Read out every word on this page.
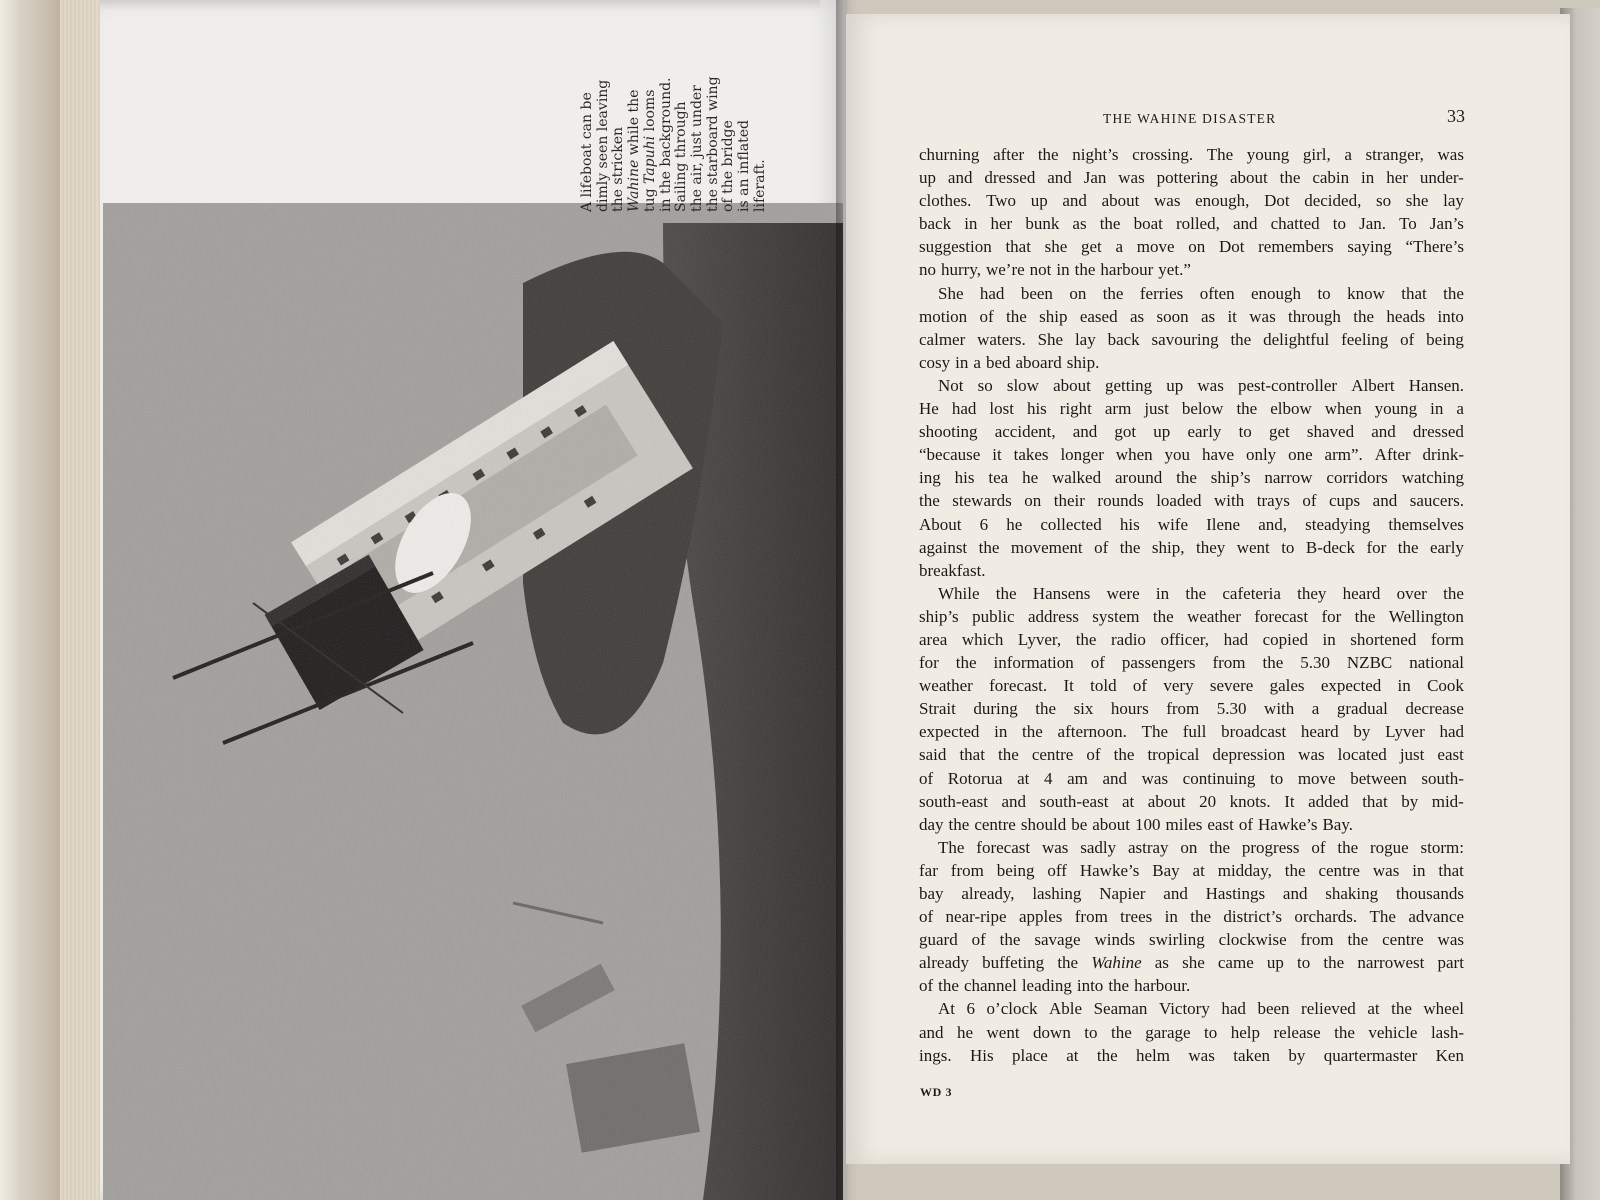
A lifeboat can be
dimly seen leaving
the stricken
Wahine while the
tug Tapuhi looms
in the background.
Sailing through
the air, just under
the starboard wing
of the bridge
is an inflated
liferaft.
THE WAHINE DISASTER	33
churning after the night’s crossing. The young girl, a stranger, was
up and dressed and Jan was pottering about the cabin in her under-
clothes. Two up and about was enough, Dot decided, so she lay
back in her bunk as the boat rolled, and chatted to Jan. To Jan’s
suggestion that she get a move on Dot remembers saying “There’s
no hurry, we’re not in the harbour yet.”
She had been on the ferries often enough to know that the
motion of the ship eased as soon as it was through the heads into
calmer waters. She lay back savouring the delightful feeling of being
cosy in a bed aboard ship.
Not so slow about getting up was pest-controller Albert Hansen.
He had lost his right arm just below the elbow when young in a
shooting accident, and got up early to get shaved and dressed
“because it takes longer when you have only one arm”. After drink-
ing his tea he walked around the ship’s narrow corridors watching
the stewards on their rounds loaded with trays of cups and saucers.
About 6 he collected his wife Ilene and, steadying themselves
against the movement of the ship, they went to B-deck for the early
breakfast.
While the Hansens were in the cafeteria they heard over the
ship’s public address system the weather forecast for the Wellington
area which Lyver, the radio officer, had copied in shortened form
for the information of passengers from the 5.30 NZBC national
weather forecast. It told of very severe gales expected in Cook
Strait during the six hours from 5.30 with a gradual decrease
expected in the afternoon. The full broadcast heard by Lyver had
said that the centre of the tropical depression was located just east
of Rotorua at 4 am and was continuing to move between south-
south-east and south-east at about 20 knots. It added that by mid-
day the centre should be about 100 miles east of Hawke’s Bay.
The forecast was sadly astray on the progress of the rogue storm:
far from being off Hawke’s Bay at midday, the centre was in that
bay already, lashing Napier and Hastings and shaking thousands
of near-ripe apples from trees in the district’s orchards. The advance
guard of the savage winds swirling clockwise from the centre was
already buffeting the Wahine as she came up to the narrowest part
of the channel leading into the harbour.
At 6 o’clock Able Seaman Victory had been relieved at the wheel
and he went down to the garage to help release the vehicle lash-
ings. His place at the helm was taken by quartermaster Ken
WD 3
